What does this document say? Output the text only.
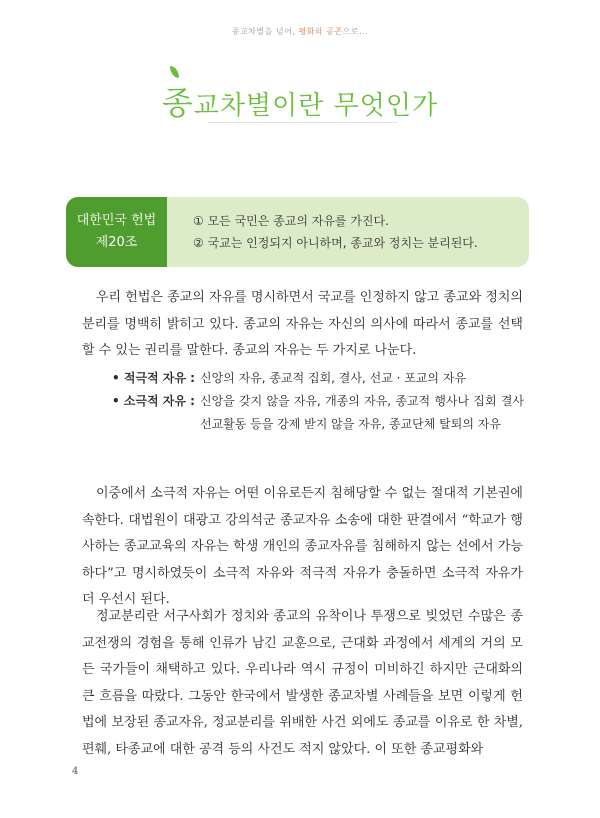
종교차별을 넘어, 평화와 공존으로...
종교차별이란 무엇인가
대한민국 헌법
제20조
① 모든 국민은 종교의 자유를 가진다.
② 국교는 인정되지 아니하며, 종교와 정치는 분리된다.

우리 헌법은 종교의 자유를 명시하면서 국교를 인정하지 않고 종교와 정치의 분리를 명백히 밝히고 있다. 종교의 자유는 자신의 의사에 따라서 종교를 선택할 수 있는 권리를 말한다. 종교의 자유는 두 가지로 나눈다.

• 적극적 자유 : 신앙의 자유, 종교적 집회, 결사, 선교 · 포교의 자유
• 소극적 자유 : 신앙을 갖지 않을 자유, 개종의 자유, 종교적 행사나 집회 결사 선교활동 등을 강제 받지 않을 자유, 종교단체 탈퇴의 자유

이중에서 소극적 자유는 어떤 이유로든지 침해당할 수 없는 절대적 기본권에 속한다. 대법원이 대광고 강의석군 종교자유 소송에 대한 판결에서 “학교가 행사하는 종교교육의 자유는 학생 개인의 종교자유를 침해하지 않는 선에서 가능하다”고 명시하였듯이 소극적 자유와 적극적 자유가 충돌하면 소극적 자유가 더 우선시 된다.

정교분리란 서구사회가 정치와 종교의 유착이나 투쟁으로 빚었던 수많은 종교전쟁의 경험을 통해 인류가 남긴 교훈으로, 근대화 과정에서 세계의 거의 모든 국가들이 채택하고 있다. 우리나라 역시 규정이 미비하긴 하지만 근대화의 큰 흐름을 따랐다. 그동안 한국에서 발생한 종교차별 사례들을 보면 이렇게 헌법에 보장된 종교자유, 정교분리를 위배한 사건 외에도 종교를 이유로 한 차별, 편훼, 타종교에 대한 공격 등의 사건도 적지 않았다. 이 또한 종교평화와

4
